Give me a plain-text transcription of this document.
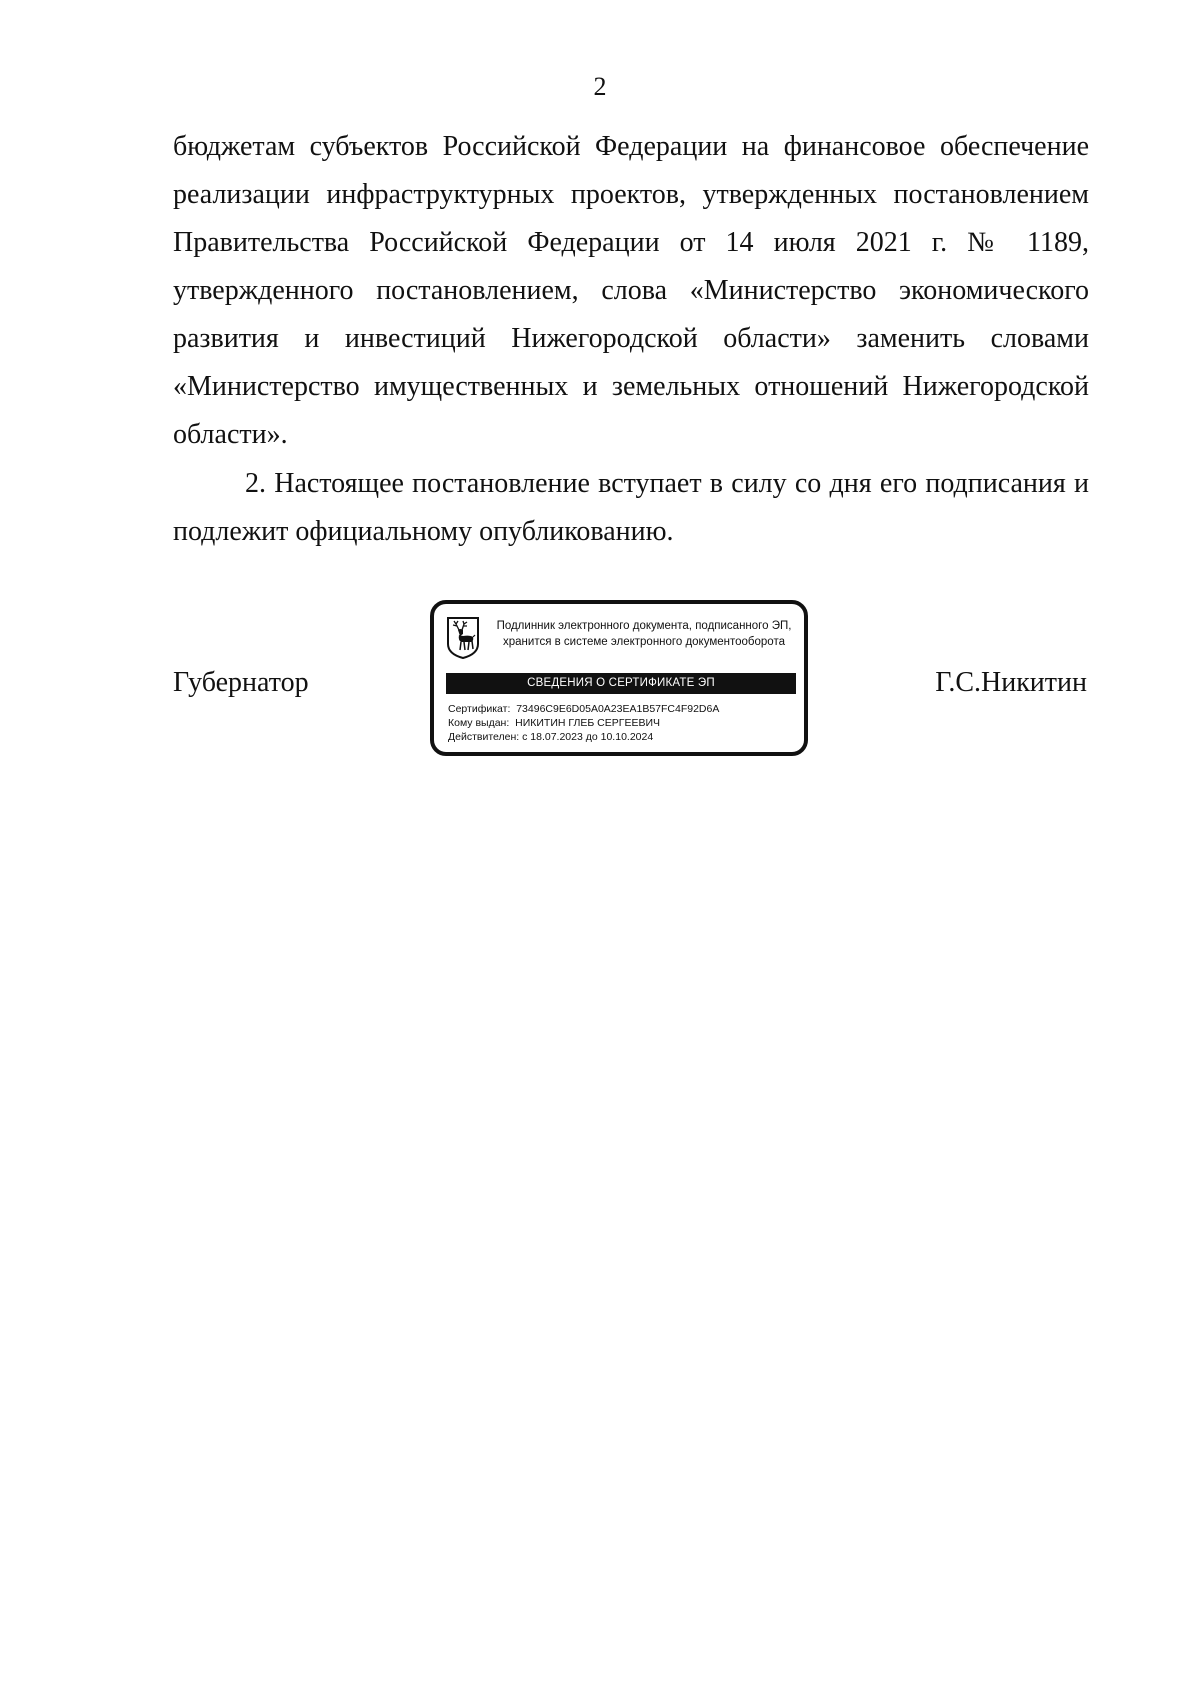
2

бюджетам субъектов Российской Федерации на финансовое обеспечение реализации инфраструктурных проектов, утвержденных постановлением Правительства Российской Федерации от 14 июля 2021 г. № 1189, утвержденного постановлением, слова «Министерство экономического развития и инвестиций Нижегородской области» заменить словами «Министерство имущественных и земельных отношений Нижегородской области».

2. Настоящее постановление вступает в силу со дня его подписания и подлежит официальному опубликованию.

Губернатор
Подлинник электронного документа, подписанного ЭП,
хранится в системе электронного документооборота
СВЕДЕНИЯ О СЕРТИФИКАТЕ ЭП
Сертификат: 73496C9E6D05A0A23EA1B57FC4F92D6A
Кому выдан: НИКИТИН ГЛЕБ СЕРГЕЕВИЧ
Действителен: с 18.07.2023 до 10.10.2024
Г.С.Никитин
